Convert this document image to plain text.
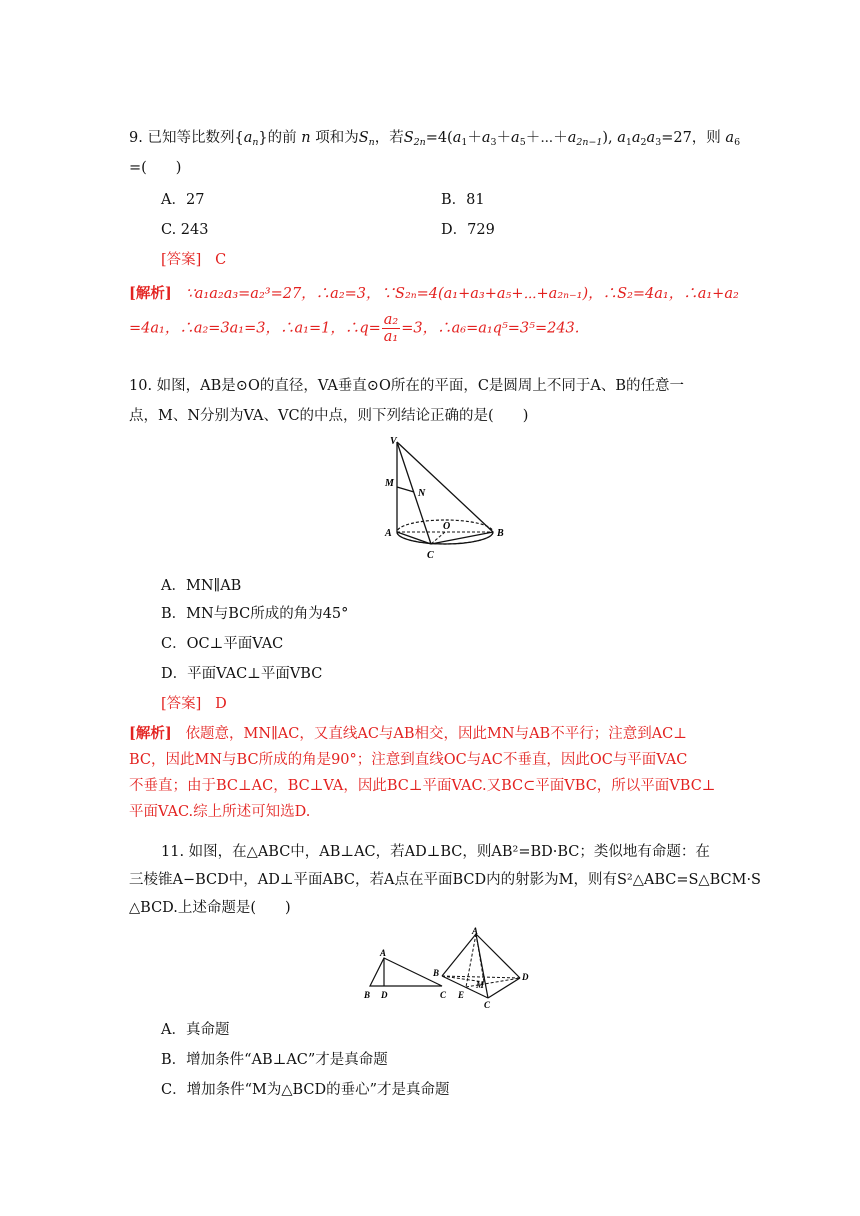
9. 已知等比数列$\{a_n\}$的前 n 项和为$S_n$，若$S_{2n}=4(a_1+a_3+a_5+\cdots+a_{2n-1})$, $a_1a_2a_3=27$，则 $a_6$
=(　　)
A．27	B．81
C. 243	D．729
[答案] C
[解析] ∵a₁a₂a₃=a₂³=27，∴a₂=3，∵S₂ₙ=4(a₁+a₃+a₅+⋯+a₂ₙ₋₁)，∴S₂=4a₁，∴a₁+a₂
=4a₁，∴a₂=3a₁=3，∴a₁=1，∴q= $\frac{\text{a₂}}{\text{a₁}} =3$，∴a₆=a₁q⁵=3⁵=243.
10. 如图，AB是⊙O的直径，VA垂直⊙O所在的平面，C是圆周上不同于A、B的任意一
点，M、N分别为VA、VC的中点，则下列结论正确的是(　　)
V
M
N
A
O
B
C
A．MN∥AB
B．MN与BC所成的角为45°
C．OC⊥平面VAC
D．平面VAC⊥平面VBC
[答案] D
[解析] 依题意，MN∥AC，又直线AC与AB相交，因此MN与AB不平行；注意到AC⊥
BC，因此MN与BC所成的角是90°；注意到直线OC与AC不垂直，因此OC与平面VAC
不垂直；由于BC⊥AC，BC⊥VA，因此BC⊥平面VAC.又BC⊂平面VBC，所以平面VBC⊥
平面VAC.综上所述可知选D.
11. 如图，在△ABC中，AB⊥AC，若AD⊥BC，则AB²=BD·BC；类似地有命题：在
三棱锥A−BCD中，AD⊥平面ABC，若A点在平面BCD内的射影为M，则有S²△ABC=S△BCM·S
△BCD.上述命题是(　　)
A
B D	C
A
B	D
M
E
C
A．真命题
B．增加条件“AB⊥AC”才是真命题
C．增加条件“M为△BCD的垂心”才是真命题
